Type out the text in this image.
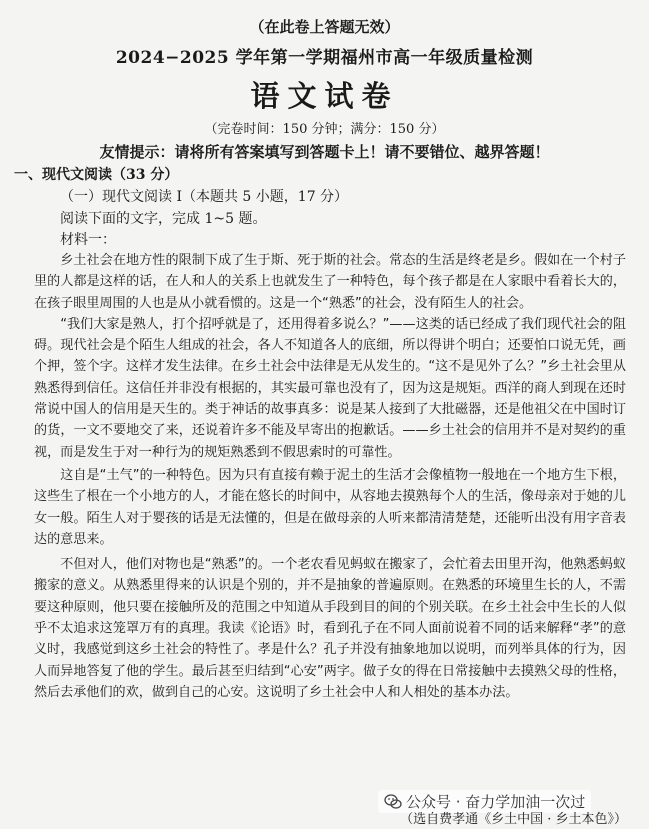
（在此卷上答题无效）
2024−2025 学年第一学期福州市高一年级质量检测
语文试卷
（完卷时间：150 分钟；满分：150 分）
友情提示：请将所有答案填写到答题卡上！请不要错位、越界答题！
一、现代文阅读（33 分）
（一）现代文阅读 I（本题共 5 小题，17 分）
阅读下面的文字，完成 1~5 题。
材料一：

乡土社会在地方性的限制下成了生于斯、死于斯的社会。常态的生活是终老是乡。假如在一个村子里的人都是这样的话，在人和人的关系上也就发生了一种特色，每个孩子都是在人家眼中看着长大的，在孩子眼里周围的人也是从小就看惯的。这是一个“熟悉”的社会，没有陌生人的社会。

“我们大家是熟人，打个招呼就是了，还用得着多说么？”——这类的话已经成了我们现代社会的阻碍。现代社会是个陌生人组成的社会，各人不知道各人的底细，所以得讲个明白；还要怕口说无凭，画个押，签个字。这样才发生法律。在乡土社会中法律是无从发生的。“这不是见外了么？”乡土社会里从熟悉得到信任。这信任并非没有根据的，其实最可靠也没有了，因为这是规矩。西洋的商人到现在还时常说中国人的信用是天生的。类于神话的故事真多：说是某人接到了大批磁器，还是他祖父在中国时订的货，一文不要地交了来，还说着许多不能及早寄出的抱歉话。——乡土社会的信用并不是对契约的重视，而是发生于对一种行为的规矩熟悉到不假思索时的可靠性。

这自是“土气”的一种特色。因为只有直接有赖于泥土的生活才会像植物一般地在一个地方生下根，这些生了根在一个小地方的人，才能在悠长的时间中，从容地去摸熟每个人的生活，像母亲对于她的儿女一般。陌生人对于婴孩的话是无法懂的，但是在做母亲的人听来都清清楚楚，还能听出没有用字音表达的意思来。

不但对人，他们对物也是“熟悉”的。一个老农看见蚂蚁在搬家了，会忙着去田里开沟，他熟悉蚂蚁搬家的意义。从熟悉里得来的认识是个别的，并不是抽象的普遍原则。在熟悉的环境里生长的人，不需要这种原则，他只要在接触所及的范围之中知道从手段到目的间的个别关联。在乡土社会中生长的人似乎不太追求这笼罩万有的真理。我读《论语》时，看到孔子在不同人面前说着不同的话来解释“孝”的意义时，我感觉到这乡土社会的特性了。孝是什么？孔子并没有抽象地加以说明，而列举具体的行为，因人而异地答复了他的学生。最后甚至归结到“心安”两字。做子女的得在日常接触中去摸熟父母的性格，然后去承他们的欢，做到自己的心安。这说明了乡土社会中人和人相处的基本办法。

公众号 · 奋力学加油一次过
（选自费孝通《乡土中国 · 乡土本色》）
